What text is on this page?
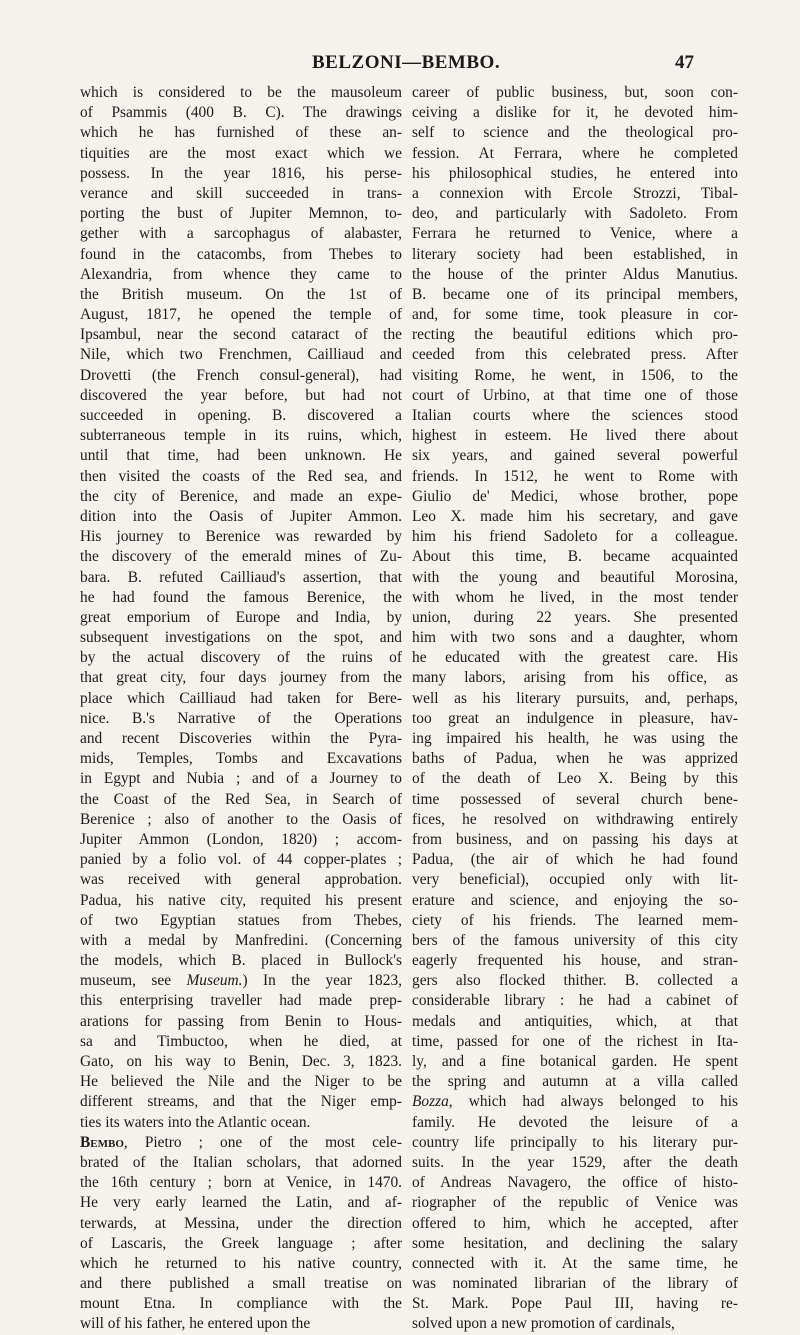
BELZONI—BEMBO.	47
which is considered to be the mausoleum
of Psammis (400 B. C). The drawings
which he has furnished of these an-
tiquities are the most exact which we
possess. In the year 1816, his perse-
verance and skill succeeded in trans-
porting the bust of Jupiter Memnon, to-
gether with a sarcophagus of alabaster,
found in the catacombs, from Thebes to
Alexandria, from whence they came to
the British museum. On the 1st of
August, 1817, he opened the temple of
Ipsambul, near the second cataract of the
Nile, which two Frenchmen, Cailliaud and
Drovetti (the French consul-general), had
discovered the year before, but had not
succeeded in opening. B. discovered a
subterraneous temple in its ruins, which,
until that time, had been unknown. He
then visited the coasts of the Red sea, and
the city of Berenice, and made an expe-
dition into the Oasis of Jupiter Ammon.
His journey to Berenice was rewarded by
the discovery of the emerald mines of Zu-
bara. B. refuted Cailliaud's assertion, that
he had found the famous Berenice, the
great emporium of Europe and India, by
subsequent investigations on the spot, and
by the actual discovery of the ruins of
that great city, four days journey from the
place which Cailliaud had taken for Bere-
nice. B.'s Narrative of the Operations
and recent Discoveries within the Pyra-
mids, Temples, Tombs and Excavations
in Egypt and Nubia ; and of a Journey to
the Coast of the Red Sea, in Search of
Berenice ; also of another to the Oasis of
Jupiter Ammon (London, 1820) ; accom-
panied by a folio vol. of 44 copper-plates ;
was received with general approbation.
Padua, his native city, requited his present
of two Egyptian statues from Thebes,
with a medal by Manfredini. (Concerning
the models, which B. placed in Bullock's
museum, see Museum.) In the year 1823,
this enterprising traveller had made prep-
arations for passing from Benin to Hous-
sa and Timbuctoo, when he died, at
Gato, on his way to Benin, Dec. 3, 1823.
He believed the Nile and the Niger to be
different streams, and that the Niger emp-
ties its waters into the Atlantic ocean.
Bembo, Pietro ; one of the most cele-
brated of the Italian scholars, that adorned
the 16th century ; born at Venice, in 1470.
He very early learned the Latin, and af-
terwards, at Messina, under the direction
of Lascaris, the Greek language ; after
which he returned to his native country,
and there published a small treatise on
mount Etna. In compliance with the
will of his father, he entered upon the
career of public business, but, soon con-
ceiving a dislike for it, he devoted him-
self to science and the theological pro-
fession. At Ferrara, where he completed
his philosophical studies, he entered into
a connexion with Ercole Strozzi, Tibal-
deo, and particularly with Sadoleto. From
Ferrara he returned to Venice, where a
literary society had been established, in
the house of the printer Aldus Manutius.
B. became one of its principal members,
and, for some time, took pleasure in cor-
recting the beautiful editions which pro-
ceeded from this celebrated press. After
visiting Rome, he went, in 1506, to the
court of Urbino, at that time one of those
Italian courts where the sciences stood
highest in esteem. He lived there about
six years, and gained several powerful
friends. In 1512, he went to Rome with
Giulio de' Medici, whose brother, pope
Leo X. made him his secretary, and gave
him his friend Sadoleto for a colleague.
About this time, B. became acquainted
with the young and beautiful Morosina,
with whom he lived, in the most tender
union, during 22 years. She presented
him with two sons and a daughter, whom
he educated with the greatest care. His
many labors, arising from his office, as
well as his literary pursuits, and, perhaps,
too great an indulgence in pleasure, hav-
ing impaired his health, he was using the
baths of Padua, when he was apprized
of the death of Leo X. Being by this
time possessed of several church bene-
fices, he resolved on withdrawing entirely
from business, and on passing his days at
Padua, (the air of which he had found
very beneficial), occupied only with lit-
erature and science, and enjoying the so-
ciety of his friends. The learned mem-
bers of the famous university of this city
eagerly frequented his house, and stran-
gers also flocked thither. B. collected a
considerable library : he had a cabinet of
medals and antiquities, which, at that
time, passed for one of the richest in Ita-
ly, and a fine botanical garden. He spent
the spring and autumn at a villa called
Bozza, which had always belonged to his
family. He devoted the leisure of a
country life principally to his literary pur-
suits. In the year 1529, after the death
of Andreas Navagero, the office of histo-
riographer of the republic of Venice was
offered to him, which he accepted, after
some hesitation, and declining the salary
connected with it. At the same time, he
was nominated librarian of the library of
St. Mark. Pope Paul III, having re-
solved upon a new promotion of cardinals,
